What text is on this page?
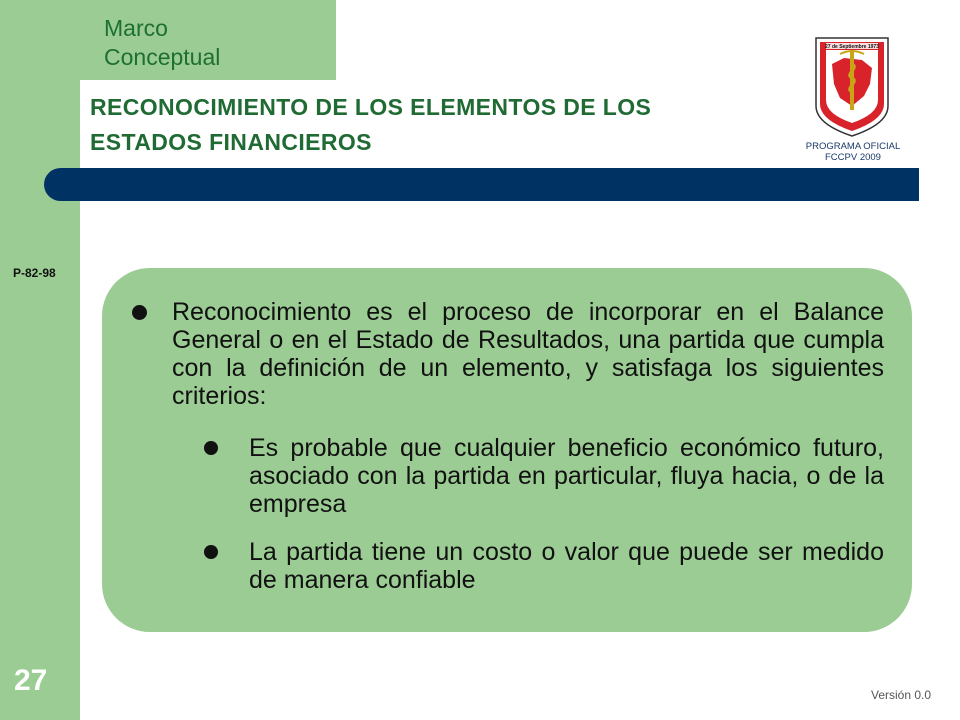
Marco
Conceptual
RECONOCIMIENTO DE LOS ELEMENTOS DE LOS
ESTADOS FINANCIEROS
27 de Septiembre 1973
PROGRAMA OFICIAL
FCCPV 2009
P-82-98
Reconocimiento es el proceso de incorporar en el Balance General o en el Estado de Resultados, una partida que cumpla con la definición de un elemento, y satisfaga los siguientes criterios:
Es probable que cualquier beneficio económico futuro, asociado con la partida en particular, fluya hacia, o de la empresa
La partida tiene un costo o valor que puede ser medido de manera confiable
27	Versión 0.0
